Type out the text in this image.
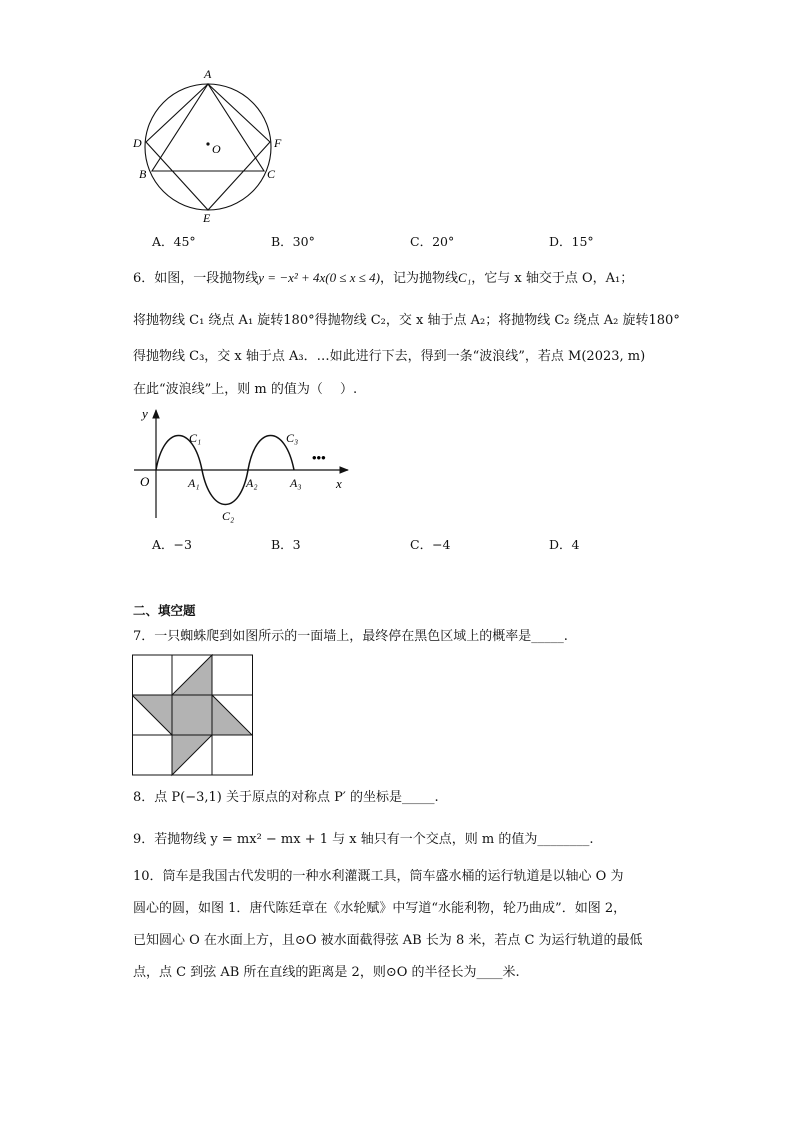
A
O
D	F
B	C
E
A．45°	B．30°	C．20°	D．15°
6．如图，一段抛物线y = −x² + 4x(0 ≤ x ≤ 4)，记为抛物线C₁，它与 x 轴交于点 O，A₁；
将抛物线 C₁ 绕点 A₁ 旋转180°得抛物线 C₂，交 x 轴于点 A₂；将抛物线 C₂ 绕点 A₂ 旋转180°
得抛物线 C₃，交 x 轴于点 A₃．…如此进行下去，得到一条“波浪线”，若点 M(2023, m)
在此“波浪线”上，则 m 的值为（　 ）.
y
x
O
C₁
C₂
C₃
A₁	A₂	A₃
•••
A．−3	B．3	C．−4	D．4
二、填空题
7．一只蜘蛛爬到如图所示的一面墙上，最终停在黑色区域上的概率是_____.
8．点 P(−3,1) 关于原点的对称点 P′ 的坐标是_____.
9．若抛物线 y = mx² − mx + 1 与 x 轴只有一个交点，则 m 的值为________.
10．筒车是我国古代发明的一种水利灌溉工具，筒车盛水桶的运行轨道是以轴心 O 为
圆心的圆，如图 1．唐代陈廷章在《水轮赋》中写道“水能利物，轮乃曲成”．如图 2，
已知圆心 O 在水面上方，且⊙O 被水面截得弦 AB 长为 8 米，若点 C 为运行轨道的最低
点，点 C 到弦 AB 所在直线的距离是 2，则⊙O 的半径长为____米.
